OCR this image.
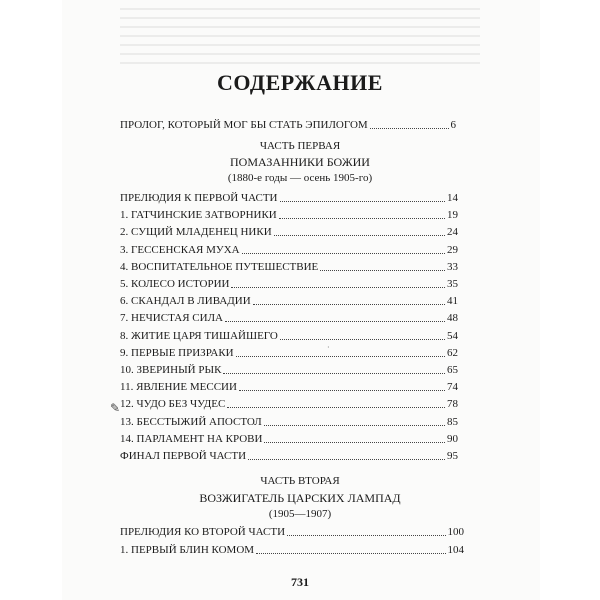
СОДЕРЖАНИЕ
ПРОЛОГ, КОТОРЫЙ МОГ БЫ СТАТЬ ЭПИЛОГОМ	6
ЧАСТЬ ПЕРВАЯ
ПОМАЗАННИКИ БОЖИИ
(1880-е годы — осень 1905-го)
ПРЕЛЮДИЯ К ПЕРВОЙ ЧАСТИ	14
1. ГАТЧИНСКИЕ ЗАТВОРНИКИ	19
2. СУЩИЙ МЛАДЕНЕЦ НИКИ	24
3. ГЕССЕНСКАЯ МУХА	29
4. ВОСПИТАТЕЛЬНОЕ ПУТЕШЕСТВИЕ	33
5. КОЛЕСО ИСТОРИИ	35
6. СКАНДАЛ В ЛИВАДИИ	41
7. НЕЧИСТАЯ СИЛА	48
8. ЖИТИЕ ЦАРЯ ТИШАЙШЕГО	54
9. ПЕРВЫЕ ПРИЗРАКИ	62
10. ЗВЕРИНЫЙ РЫК	65
11. ЯВЛЕНИЕ МЕССИИ	74
12. ЧУДО БЕЗ ЧУДЕС	78
13. БЕССТЫЖИЙ АПОСТОЛ	85
14. ПАРЛАМЕНТ НА КРОВИ	90
ФИНАЛ ПЕРВОЙ ЧАСТИ	95
ЧАСТЬ ВТОРАЯ
ВОЗЖИГАТЕЛЬ ЦАРСКИХ ЛАМПАД
(1905—1907)
ПРЕЛЮДИЯ КО ВТОРОЙ ЧАСТИ	100
1. ПЕРВЫЙ БЛИН КОМОМ	104
✎
·
731
